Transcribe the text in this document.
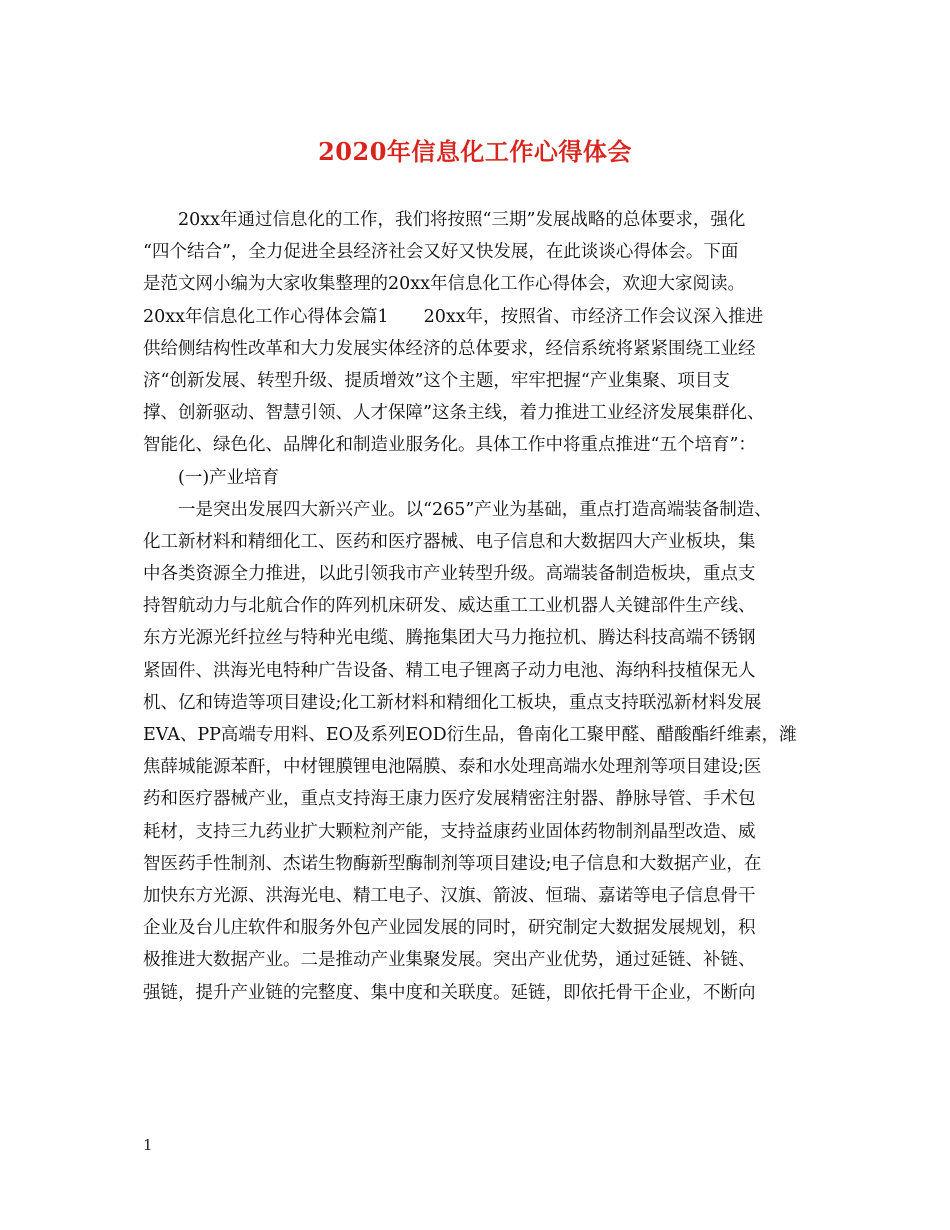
2020年信息化工作心得体会
20xx年通过信息化的工作，我们将按照“三期”发展战略的总体要求，强化
“四个结合”，全力促进全县经济社会又好又快发展，在此谈谈心得体会。下面
是范文网小编为大家收集整理的20xx年信息化工作心得体会，欢迎大家阅读。
20xx年信息化工作心得体会篇1　　20xx年，按照省、市经济工作会议深入推进
供给侧结构性改革和大力发展实体经济的总体要求，经信系统将紧紧围绕工业经
济“创新发展、转型升级、提质增效”这个主题，牢牢把握“产业集聚、项目支
撑、创新驱动、智慧引领、人才保障”这条主线，着力推进工业经济发展集群化、
智能化、绿色化、品牌化和制造业服务化。具体工作中将重点推进“五个培育”：
(一)产业培育
一是突出发展四大新兴产业。以“265”产业为基础，重点打造高端装备制造、
化工新材料和精细化工、医药和医疗器械、电子信息和大数据四大产业板块，集
中各类资源全力推进，以此引领我市产业转型升级。高端装备制造板块，重点支
持智航动力与北航合作的阵列机床研发、威达重工工业机器人关键部件生产线、
东方光源光纤拉丝与特种光电缆、腾拖集团大马力拖拉机、腾达科技高端不锈钢
紧固件、洪海光电特种广告设备、精工电子锂离子动力电池、海纳科技植保无人
机、亿和铸造等项目建设;化工新材料和精细化工板块，重点支持联泓新材料发展
EVA、PP高端专用料、EO及系列EOD衍生品，鲁南化工聚甲醛、醋酸酯纤维素，潍
焦薛城能源苯酐，中材锂膜锂电池隔膜、泰和水处理高端水处理剂等项目建设;医
药和医疗器械产业，重点支持海王康力医疗发展精密注射器、静脉导管、手术包
耗材，支持三九药业扩大颗粒剂产能，支持益康药业固体药物制剂晶型改造、威
智医药手性制剂、杰诺生物酶新型酶制剂等项目建设;电子信息和大数据产业，在
加快东方光源、洪海光电、精工电子、汉旗、箭波、恒瑞、嘉诺等电子信息骨干
企业及台儿庄软件和服务外包产业园发展的同时，研究制定大数据发展规划，积
极推进大数据产业。二是推动产业集聚发展。突出产业优势，通过延链、补链、
强链，提升产业链的完整度、集中度和关联度。延链，即依托骨干企业，不断向
1
